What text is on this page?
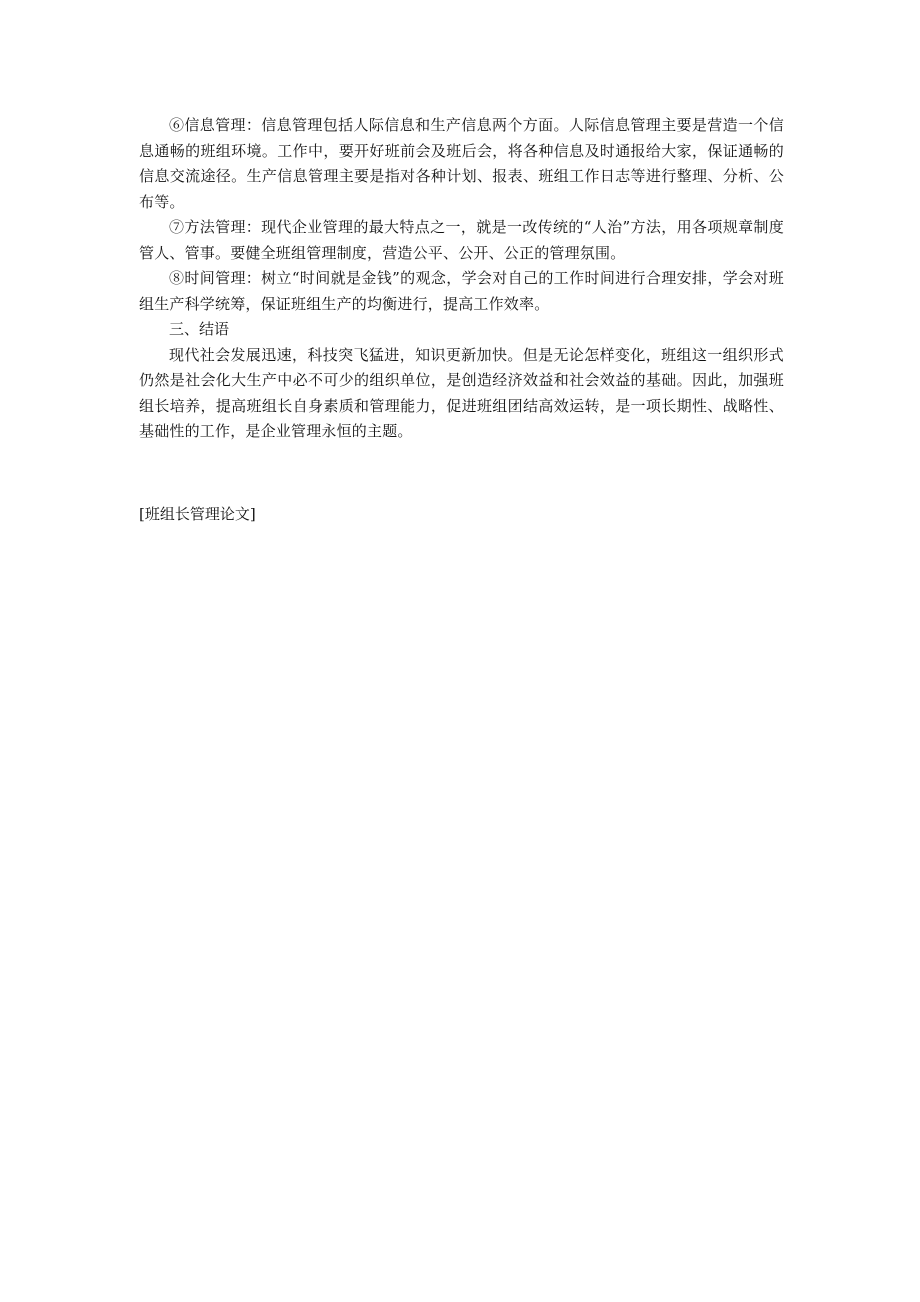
⑥信息管理：信息管理包括人际信息和生产信息两个方面。人际信息管理主要是营造一个信息通畅的班组环境。工作中，要开好班前会及班后会，将各种信息及时通报给大家，保证通畅的信息交流途径。生产信息管理主要是指对各种计划、报表、班组工作日志等进行整理、分析、公布等。

⑦方法管理：现代企业管理的最大特点之一，就是一改传统的“人治”方法，用各项规章制度管人、管事。要健全班组管理制度，营造公平、公开、公正的管理氛围。

⑧时间管理：树立“时间就是金钱”的观念，学会对自己的工作时间进行合理安排，学会对班组生产科学统筹，保证班组生产的均衡进行，提高工作效率。

三、结语

现代社会发展迅速，科技突飞猛进，知识更新加快。但是无论怎样变化，班组这一组织形式仍然是社会化大生产中必不可少的组织单位，是创造经济效益和社会效益的基础。因此，加强班组长培养，提高班组长自身素质和管理能力，促进班组团结高效运转，是一项长期性、战略性、基础性的工作，是企业管理永恒的主题。

[班组长管理论文]
